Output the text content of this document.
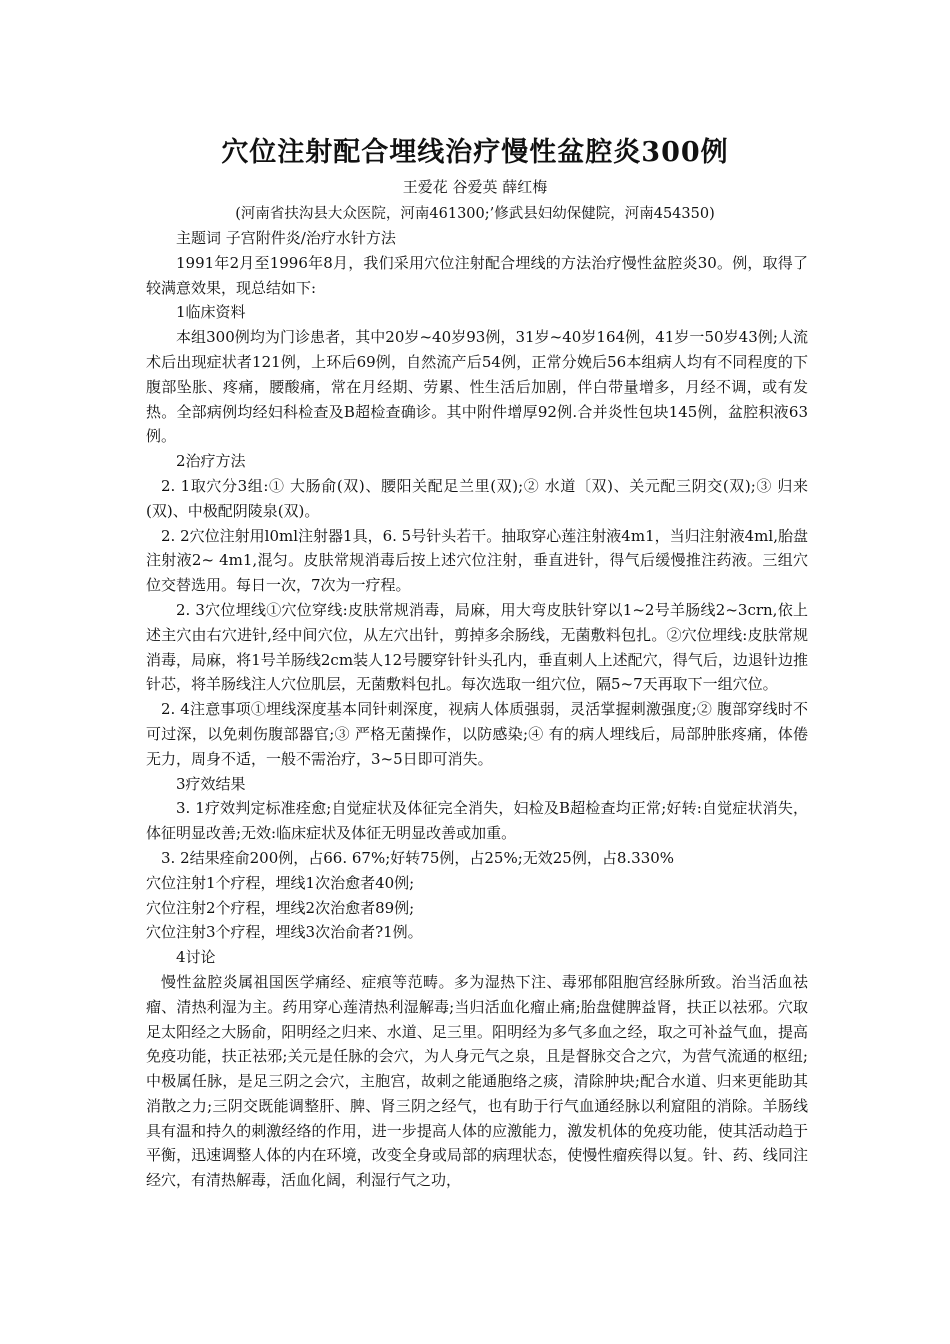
穴位注射配合埋线治疗慢性盆腔炎300例
王爱花 谷爱英 薛红梅
(河南省扶沟县大众医院，河南461300;’修武县妇幼保健院，河南454350)

主题词 子宫附件炎/治疗水针方法

1991年2月至1996年8月，我们采用穴位注射配合埋线的方法治疗慢性盆腔炎30。例，取得了较满意效果，现总结如下:

1临床资料

本组300例均为门诊患者，其中20岁~40岁93例，31岁~40岁164例，41岁一50岁43例;人流术后出现症状者121例，上环后69例，自然流产后54例，正常分娩后56本组病人均有不同程度的下腹部坠胀、疼痛，腰酸痛，常在月经期、劳累、性生活后加剧，伴白带量增多，月经不调，或有发热。全部病例均经妇科检查及B超检查确诊。其中附件增厚92例.合并炎性包块145例，盆腔积液63例。

2治疗方法

2. 1取穴分3组:① 大肠俞(双)、腰阳关配足兰里(双);② 水道〔双)、关元配三阴交(双);③ 归来(双)、中极配阴陵泉(双)。

2. 2穴位注射用l0ml注射器1具，6. 5号针头若干。抽取穿心莲注射液4m1，当归注射液4ml,胎盘注射液2~ 4m1,混匀。皮肤常规消毒后按上述穴位注射，垂直进针，得气后缓慢推注药液。三组穴位交替选用。每日一次，7次为一疗程。

2. 3穴位埋线①穴位穿线:皮肤常规消毒，局麻，用大弯皮肤针穿以1~2号羊肠线2~3crn,依上述主穴由右穴进针,经中间穴位，从左穴出针，剪掉多余肠线，无菌敷料包扎。②穴位埋线:皮肤常规消毒，局麻，将1号羊肠线2cm装人12号腰穿针针头孔内，垂直刺人上述配穴，得气后，边退针边推针芯，将羊肠线注人穴位肌层，无菌敷料包扎。每次选取一组穴位，隔5~7天再取下一组穴位。

2. 4注意事项①埋线深度基本同针刺深度，视病人体质强弱，灵活掌握刺激强度;② 腹部穿线时不可过深，以免刺伤腹部器官;③ 严格无菌操作，以防感染;④ 有的病人埋线后，局部肿胀疼痛，体倦无力，周身不适，一般不需治疗，3~5日即可消失。

3疗效结果

3. 1疗效判定标准痊愈;自觉症状及体征完全消失，妇检及B超检查均正常;好转:自觉症状消失，体征明显改善;无效:临床症状及体征无明显改善或加重。

3. 2结果痊俞200例，占66. 67%;好转75例，占25%;无效25例，占8.330%

穴位注射1个疗程，埋线1次治愈者40例;

穴位注射2个疗程，埋线2次治愈者89例;

穴位注射3个疗程，埋线3次治俞者?1例。

4讨论

慢性盆腔炎属祖国医学痛经、症痕等范畴。多为湿热下注、毒邪郁阻胞宫经脉所致。治当活血祛瘤、清热利湿为主。药用穿心莲清热利湿解毒;当归活血化瘤止痛;胎盘健脾益肾，扶正以祛邪。穴取足太阳经之大肠俞，阳明经之归来、水道、足三里。阳明经为多气多血之经，取之可补益气血，提高免疫功能，扶正祛邪;关元是任脉的会穴，为人身元气之泉，且是督脉交合之穴，为营气流通的枢纽;中极属任脉，是足三阴之会穴，主胞宫，故刺之能通胞络之痰，清除肿块;配合水道、归来更能助其消散之力;三阴交既能调整肝、脾、肾三阴之经气，也有助于行气血通经脉以利窟阻的消除。羊肠线具有温和持久的刺激经络的作用，进一步提高人体的应激能力，激发机体的免疫功能，使其活动趋于平衡，迅速调整人体的内在环境，改变全身或局部的病理状态，使慢性瘤疾得以复。针、药、线同注经穴，有清热解毒，活血化阔，利湿行气之功，
